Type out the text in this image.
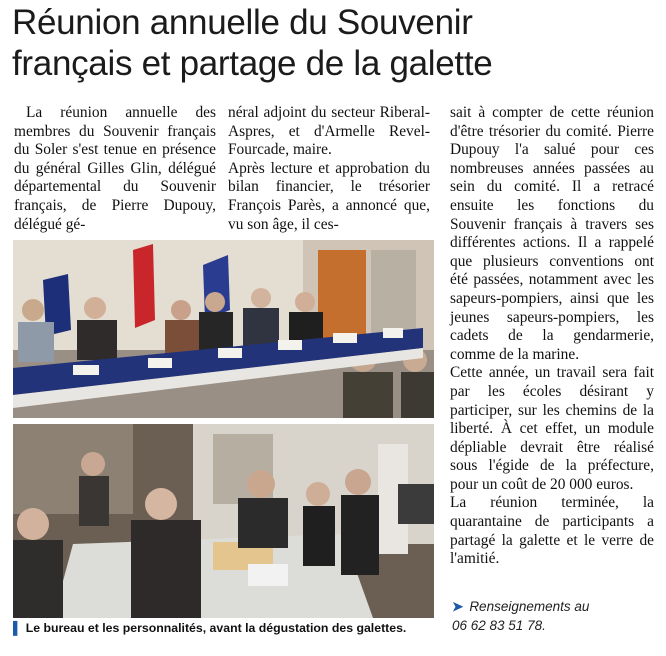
Réunion annuelle du Souvenir
français et partage de la galette

La réunion annuelle des membres du Souvenir français du Soler s'est tenue en présence du général Gilles Glin, délégué départemental du Souvenir français, de Pierre Dupouy, délégué gé-

néral adjoint du secteur Riberal-Aspres, et d'Armelle Revel-Fourcade, maire.

Après lecture et approbation du bilan financier, le trésorier François Parès, a annoncé que, vu son âge, il ces-

sait à compter de cette réunion d'être trésorier du comité. Pierre Dupouy l'a salué pour ces nombreuses années passées au sein du comité. Il a retracé ensuite les fonctions du Souvenir français à travers ses différentes actions. Il a rappelé que plusieurs conventions ont été passées, notamment avec les sapeurs-pompiers, ainsi que les jeunes sapeurs-pompiers, les cadets de la gendarmerie, comme de la marine.

Cette année, un travail sera fait par les écoles désirant y participer, sur les chemins de la liberté. À cet effet, un module dépliable devrait être réalisé sous l'égide de la préfecture, pour un coût de 20 000 euros.

La réunion terminée, la quarantaine de participants a partagé la galette et le verre de l'amitié.

▌ Le bureau et les personnalités, avant la dégustation des galettes.
➤ Renseignements au
06 62 83 51 78.
